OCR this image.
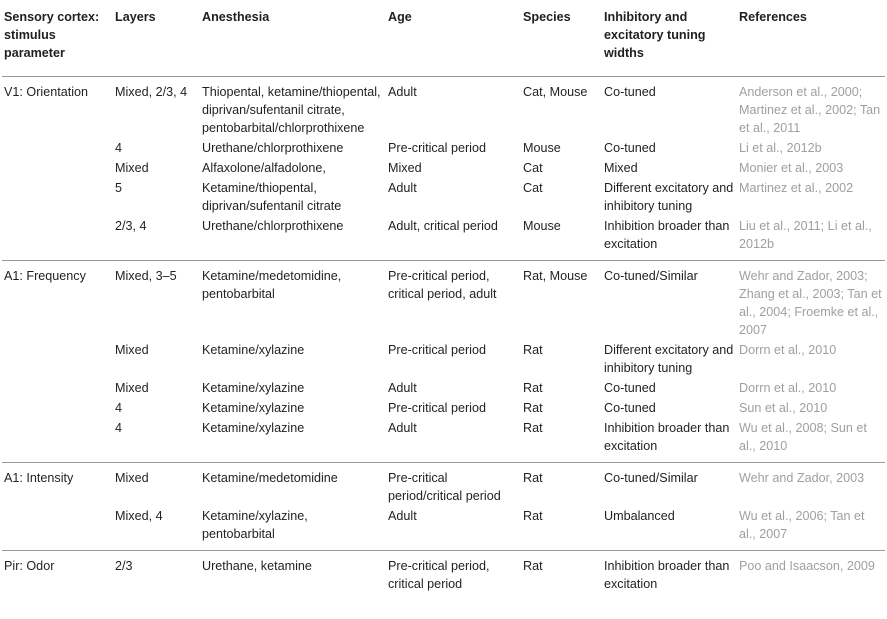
Sensory cortex: stimulus parameter	Layers	Anesthesia	Age	Species	Inhibitory and excitatory tuning widths	References
V1: Orientation	Mixed, 2/3, 4	Thiopental, ketamine/thiopental, diprivan/sufentanil citrate, pentobarbital/chlorprothixene	Adult	Cat, Mouse	Co-tuned	Anderson et al., 2000; Martinez et al., 2002; Tan et al., 2011
	4	Urethane/chlorprothixene	Pre-critical period	Mouse	Co-tuned	Li et al., 2012b
	Mixed	Alfaxolone/alfadolone,	Mixed	Cat	Mixed	Monier et al., 2003
	5	Ketamine/thiopental, diprivan/sufentanil citrate	Adult	Cat	Different excitatory and inhibitory tuning	Martinez et al., 2002
	2/3, 4	Urethane/chlorprothixene	Adult, critical period	Mouse	Inhibition broader than excitation	Liu et al., 2011; Li et al., 2012b
A1: Frequency	Mixed, 3–5	Ketamine/medetomidine, pentobarbital	Pre-critical period, critical period, adult	Rat, Mouse	Co-tuned/Similar	Wehr and Zador, 2003; Zhang et al., 2003; Tan et al., 2004; Froemke et al., 2007
	Mixed	Ketamine/xylazine	Pre-critical period	Rat	Different excitatory and inhibitory tuning	Dorrn et al., 2010
	Mixed	Ketamine/xylazine	Adult	Rat	Co-tuned	Dorrn et al., 2010
	4	Ketamine/xylazine	Pre-critical period	Rat	Co-tuned	Sun et al., 2010
	4	Ketamine/xylazine	Adult	Rat	Inhibition broader than excitation	Wu et al., 2008; Sun et al., 2010
A1: Intensity	Mixed	Ketamine/medetomidine	Pre-critical period/critical period	Rat	Co-tuned/Similar	Wehr and Zador, 2003
	Mixed, 4	Ketamine/xylazine, pentobarbital	Adult	Rat	Umbalanced	Wu et al., 2006; Tan et al., 2007
Pir: Odor	2/3	Urethane, ketamine	Pre-critical period, critical period	Rat	Inhibition broader than excitation	Poo and Isaacson, 2009
